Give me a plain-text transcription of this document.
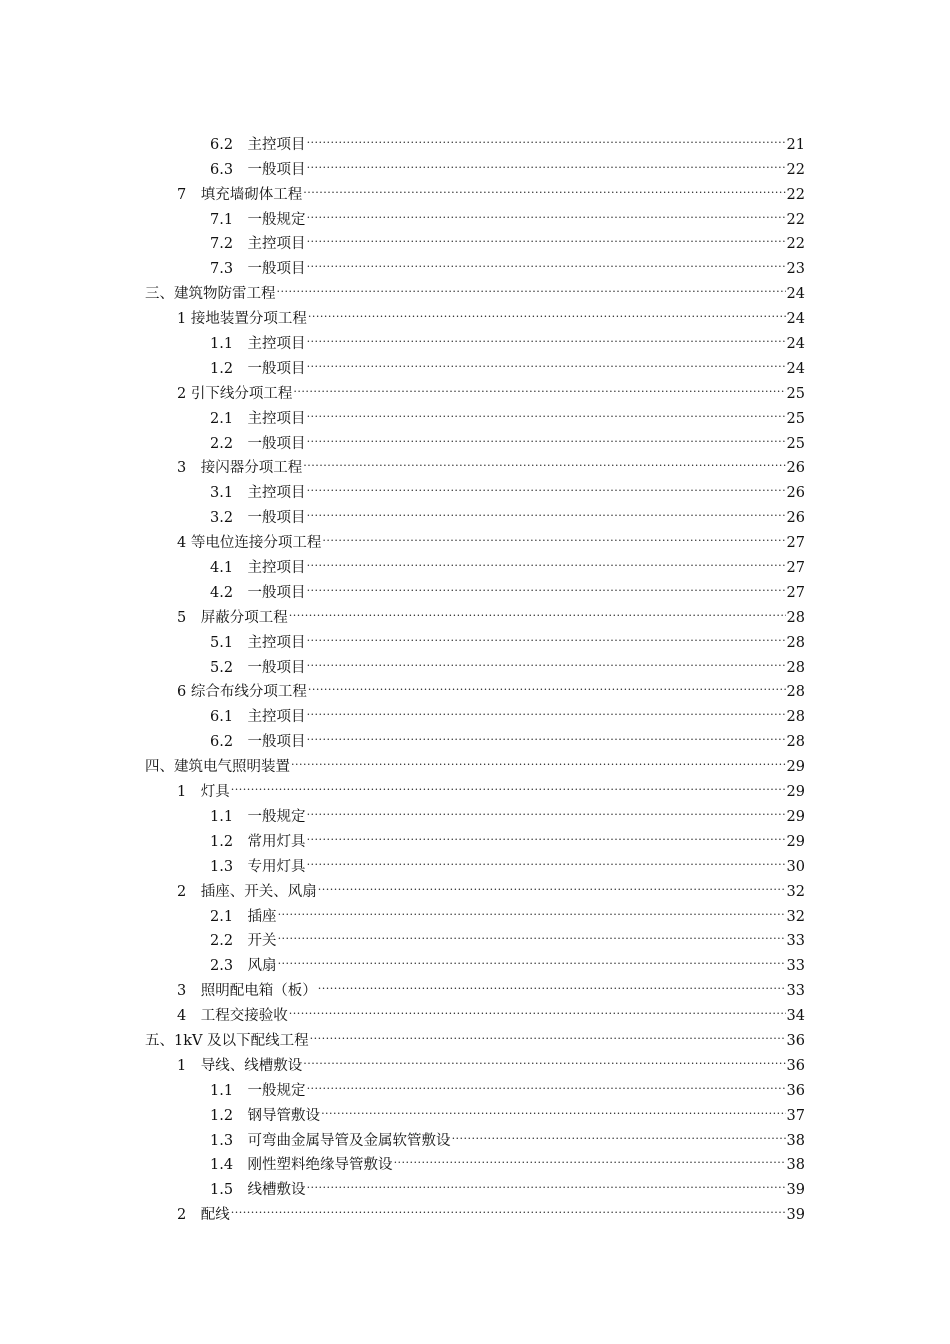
6.2　主控项目 .....	21
6.3　一般项目 .....	22
7　填充墙砌体工程 .....	22
7.1　一般规定 .....	22
7.2　主控项目 .....	22
7.3　一般项目 .....	23
三、建筑物防雷工程 .....	24
1 接地装置分项工程 .....	24
1.1　主控项目 .....	24
1.2　一般项目 .....	24
2 引下线分项工程 .....	25
2.1　主控项目 .....	25
2.2　一般项目 .....	25
3　接闪器分项工程 .....	26
3.1　主控项目 .....	26
3.2　一般项目 .....	26
4 等电位连接分项工程 .....	27
4.1　主控项目 .....	27
4.2　一般项目 .....	27
5　屏蔽分项工程 .....	28
5.1　主控项目 .....	28
5.2　一般项目 .....	28
6 综合布线分项工程 .....	28
6.1　主控项目 .....	28
6.2　一般项目 .....	28
四、建筑电气照明装置 .....	29
1　灯具 .....	29
1.1　一般规定 .....	29
1.2　常用灯具 .....	29
1.3　专用灯具 .....	30
2　插座、开关、风扇 .....	32
2.1　插座 .....	32
2.2　开关 .....	33
2.3　风扇 .....	33
3　照明配电箱（板） .....	33
4　工程交接验收 .....	34
五、1kV 及以下配线工程 .....	36
1　导线、线槽敷设 .....	36
1.1　一般规定 .....	36
1.2　钢导管敷设 .....	37
1.3　可弯曲金属导管及金属软管敷设 .....	38
1.4　刚性塑料绝缘导管敷设 .....	38
1.5　线槽敷设 .....	39
2　配线 .....	39
